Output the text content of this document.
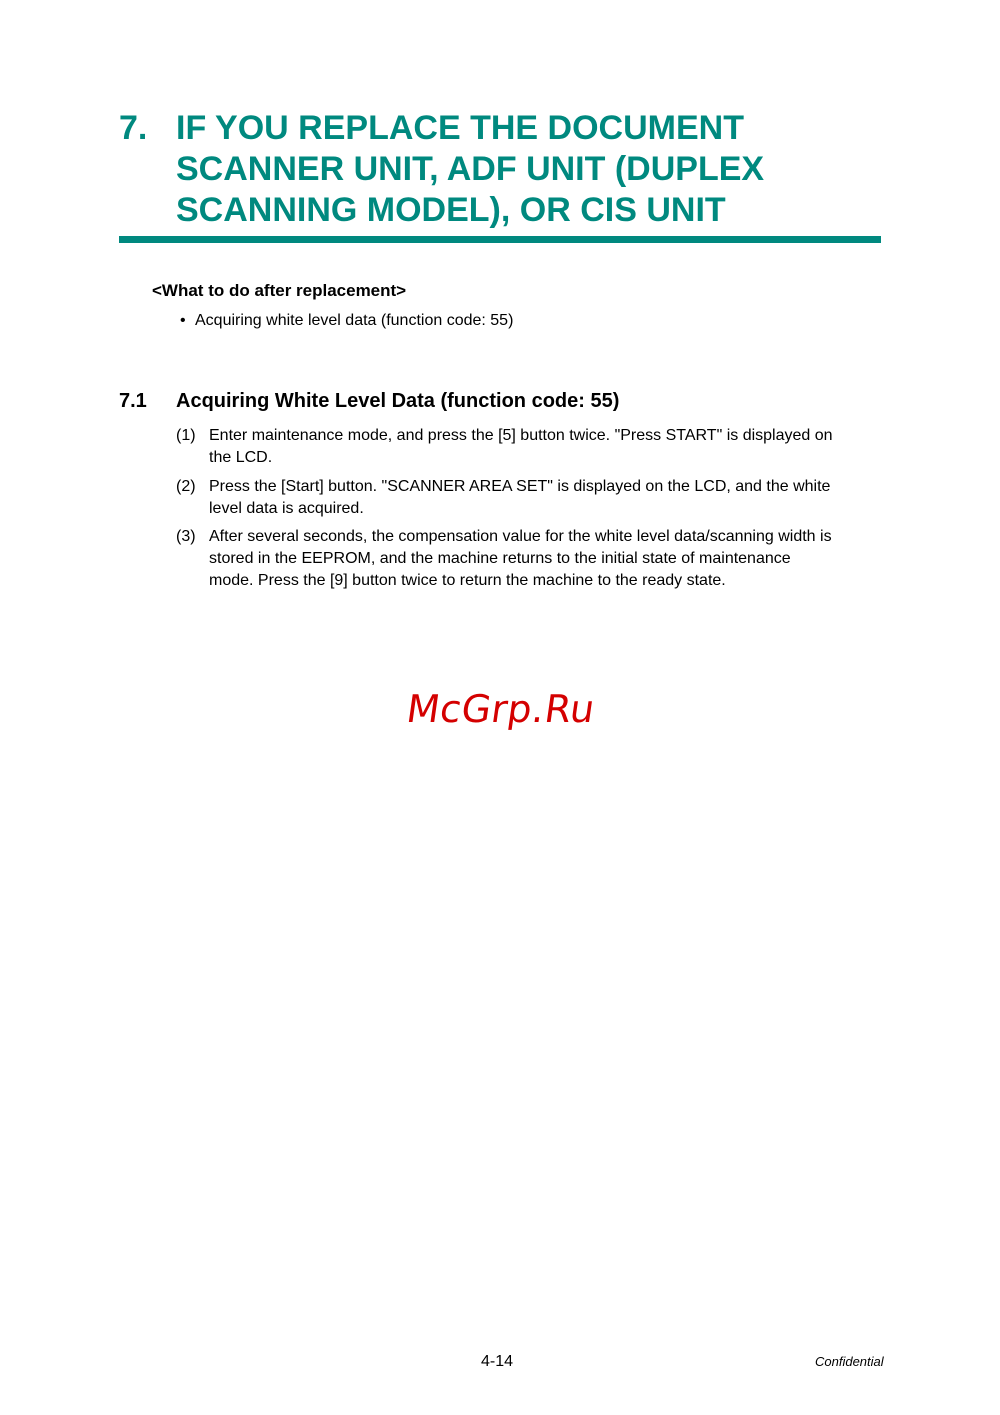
7. IF YOU REPLACE THE DOCUMENT
SCANNER UNIT, ADF UNIT (DUPLEX
SCANNING MODEL), OR CIS UNIT
<What to do after replacement>
• Acquiring white level data (function code: 55)
7.1 Acquiring White Level Data (function code: 55)
(1) Enter maintenance mode, and press the [5] button twice. "Press START" is displayed on
the LCD.
(2) Press the [Start] button. "SCANNER AREA SET" is displayed on the LCD, and the white
level data is acquired.
(3) After several seconds, the compensation value for the white level data/scanning width is
stored in the EEPROM, and the machine returns to the initial state of maintenance
mode. Press the [9] button twice to return the machine to the ready state.
McGrp.Ru
4-14	Confidential
